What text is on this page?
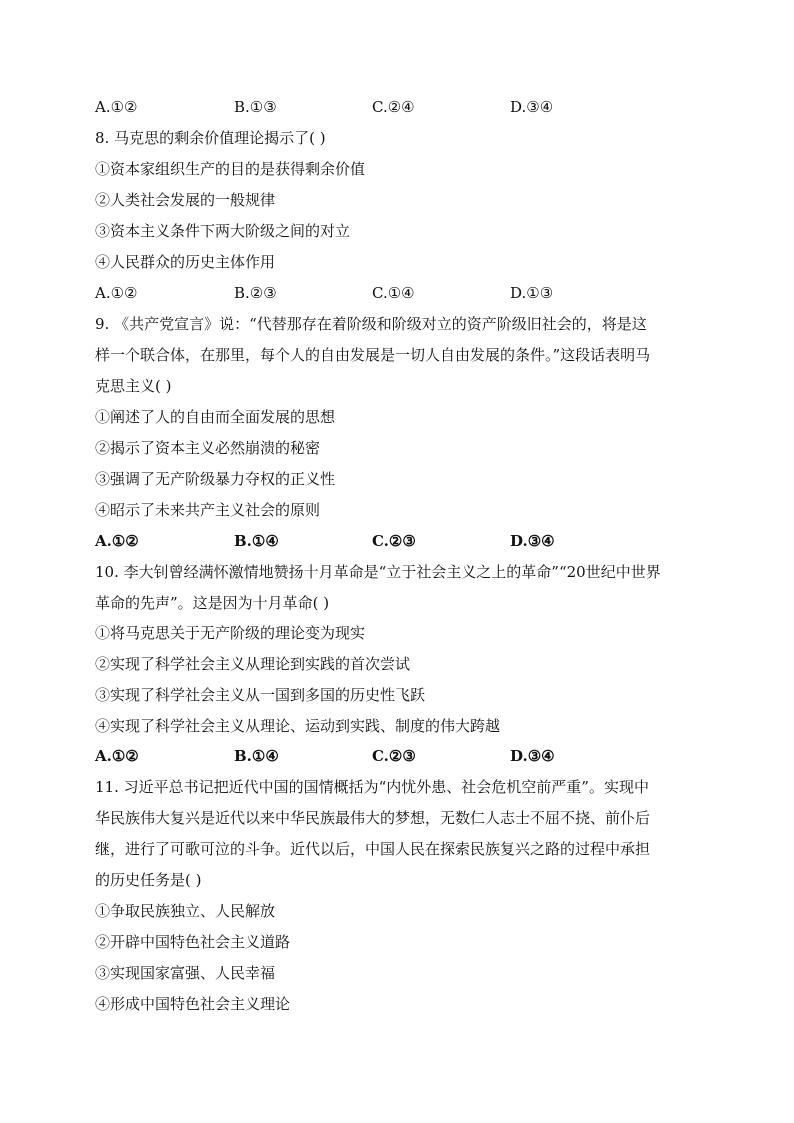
A.①②	B.①③	C.②④	D.③④
8. 马克思的剩余价值理论揭示了( )
①资本家组织生产的目的是获得剩余价值
②人类社会发展的一般规律
③资本主义条件下两大阶级之间的对立
④人民群众的历史主体作用
A.①②	B.②③	C.①④	D.①③
9. 《共产党宣言》说：“代替那存在着阶级和阶级对立的资产阶级旧社会的，将是这
样一个联合体，在那里，每个人的自由发展是一切人自由发展的条件。”这段话表明马
克思主义( )
①阐述了人的自由而全面发展的思想
②揭示了资本主义必然崩溃的秘密
③强调了无产阶级暴力夺权的正义性
④昭示了未来共产主义社会的原则
A.①②	B.①④	C.②③	D.③④
10. 李大钊曾经满怀激情地赞扬十月革命是“立于社会主义之上的革命”“20世纪中世界
革命的先声”。这是因为十月革命( )
①将马克思关于无产阶级的理论变为现实
②实现了科学社会主义从理论到实践的首次尝试
③实现了科学社会主义从一国到多国的历史性飞跃
④实现了科学社会主义从理论、运动到实践、制度的伟大跨越
A.①②	B.①④	C.②③	D.③④
11. 习近平总书记把近代中国的国情概括为“内忧外患、社会危机空前严重”。实现中
华民族伟大复兴是近代以来中华民族最伟大的梦想，无数仁人志士不屈不挠、前仆后
继，进行了可歌可泣的斗争。近代以后，中国人民在探索民族复兴之路的过程中承担
的历史任务是( )
①争取民族独立、人民解放
②开辟中国特色社会主义道路
③实现国家富强、人民幸福
④形成中国特色社会主义理论
